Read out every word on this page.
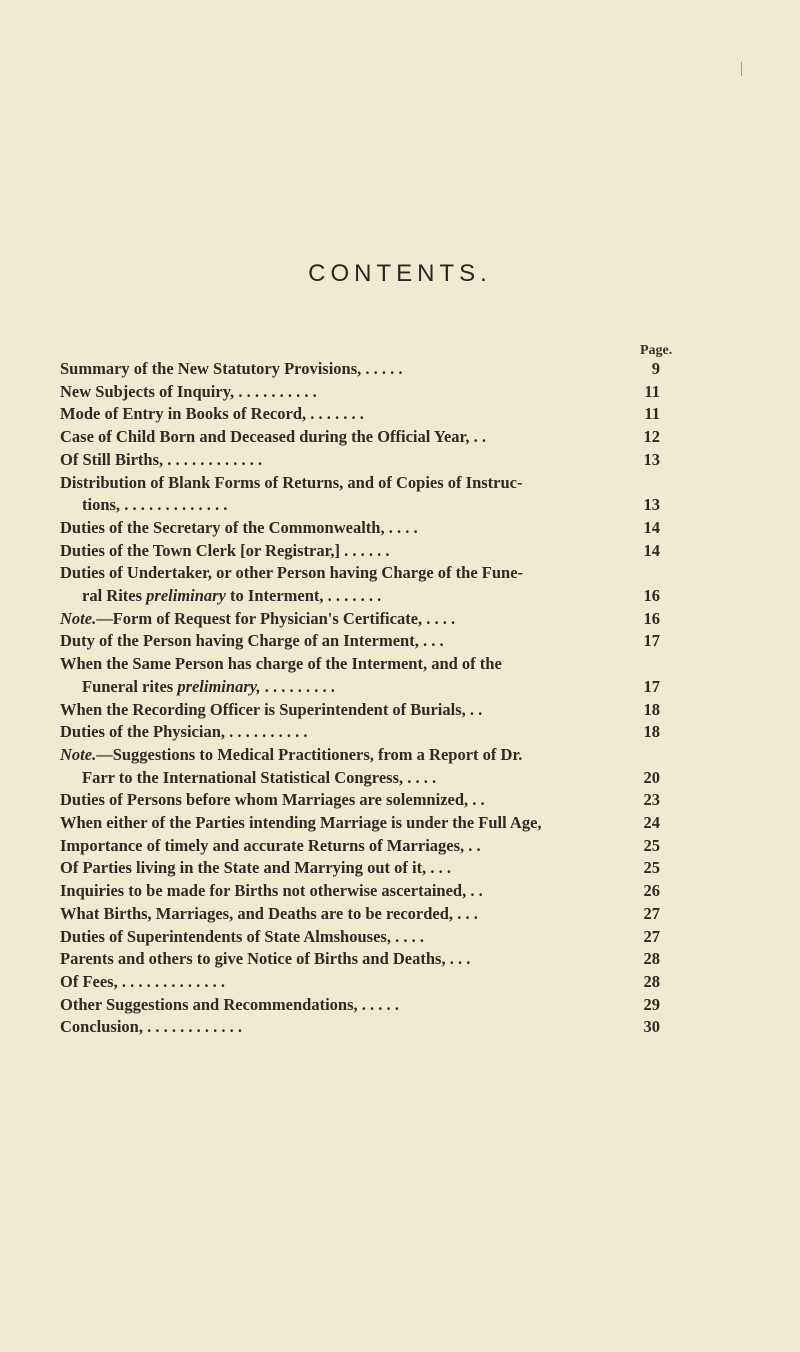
CONTENTS.
Page.
Summary of the New Statutory Provisions, . . . . .	9
New Subjects of Inquiry, . . . . . . . . . .	11
Mode of Entry in Books of Record, . . . . . . .	11
Case of Child Born and Deceased during the Official Year, . .	12
Of Still Births, . . . . . . . . . . . .	13
Distribution of Blank Forms of Returns, and of Copies of Instruc-
tions, . . . . . . . . . . . . .	13
Duties of the Secretary of the Commonwealth, . . . .	14
Duties of the Town Clerk [or Registrar,] . . . . . .	14
Duties of Undertaker, or other Person having Charge of the Fune-
ral Rites preliminary to Interment, . . . . . . .	16
Note.—Form of Request for Physician's Certificate, . . . .	16
Duty of the Person having Charge of an Interment, . . .	17
When the Same Person has charge of the Interment, and of the
Funeral rites preliminary, . . . . . . . . .	17
When the Recording Officer is Superintendent of Burials, . .	18
Duties of the Physician, . . . . . . . . . .	18
Note.—Suggestions to Medical Practitioners, from a Report of Dr.
Farr to the International Statistical Congress, . . . .	20
Duties of Persons before whom Marriages are solemnized, . .	23
When either of the Parties intending Marriage is under the Full Age,	24
Importance of timely and accurate Returns of Marriages, . .	25
Of Parties living in the State and Marrying out of it, . . .	25
Inquiries to be made for Births not otherwise ascertained, . .	26
What Births, Marriages, and Deaths are to be recorded, . . .	27
Duties of Superintendents of State Almshouses, . . . .	27
Parents and others to give Notice of Births and Deaths, . . .	28
Of Fees, . . . . . . . . . . . . .	28
Other Suggestions and Recommendations, . . . . .	29
Conclusion, . . . . . . . . . . . .	30
